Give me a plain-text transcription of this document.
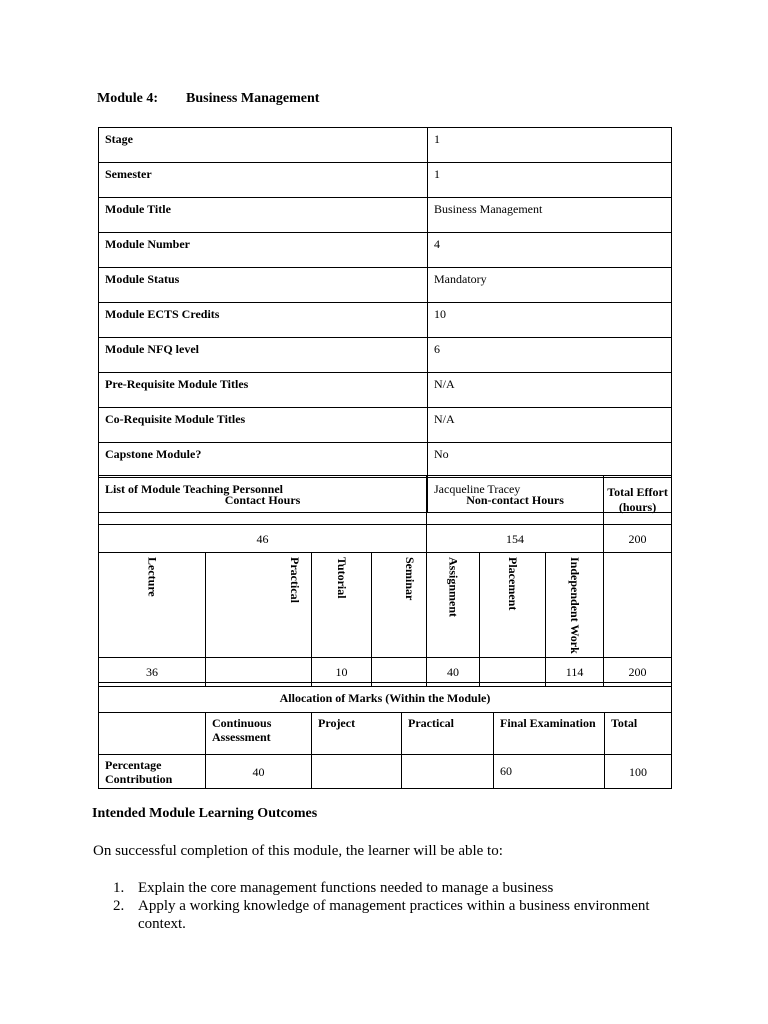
Module 4: Business Management
Stage	1
Semester	1
Module Title	Business Management
Module Number	4
Module Status	Mandatory
Module ECTS Credits	10
Module NFQ level	6
Pre-Requisite Module Titles	N/A
Co-Requisite Module Titles	N/A
Capstone Module?	No
List of Module Teaching Personnel	Jacqueline Tracey
Contact Hours				Non-contact Hours			Total Effort (hours)
46				154			200
Lecture	Practical	Tutorial	Seminar	Assignment	Placement	Independent Work	
36		10		40		114	200
Allocation of Marks (Within the Module)					
	Continuous Assessment	Project	Practical	Final Examination	Total
Percentage Contribution	40			60	100
Intended Module Learning Outcomes
On successful completion of this module, the learner will be able to:
1. Explain the core management functions needed to manage a business
2. Apply a working knowledge of management practices within a business environment context.
